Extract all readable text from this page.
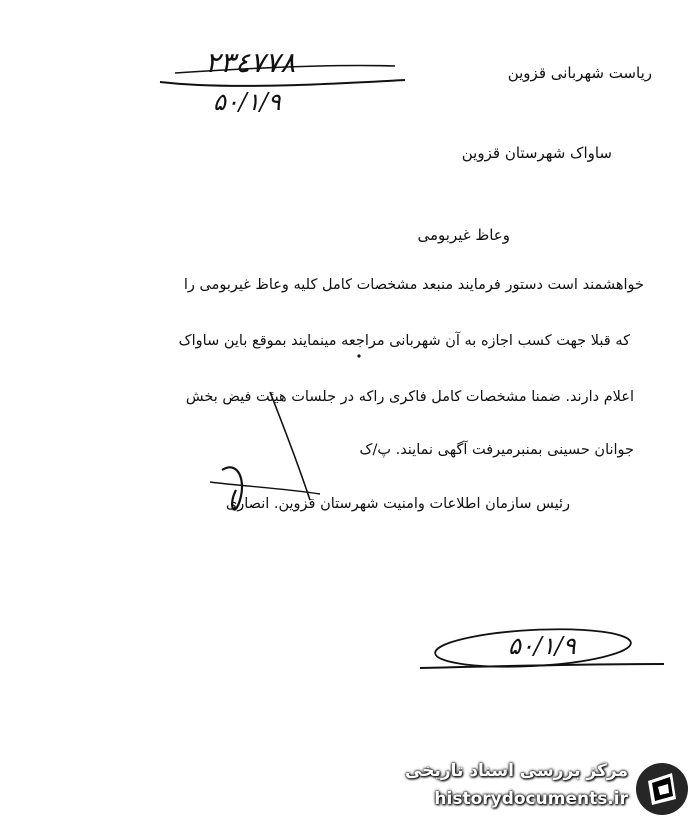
۲۳٤۷۷۸
۵۰/۱/۹
ریاست شهربانی قزوین
ساواک شهرستان قزوین
وعاظ غیربومی
خواهشمند است دستور فرمایند منبعد مشخصات کامل کلیه وعاظ غیربومی را
که قبلا جهت کسب اجازه به آن شهربانی مراجعه مینمایند بموقع باین ساواک
اعلام دارند. ضمنا مشخصات کامل فاکری راکه در جلسات هیئت فیض بخش
جوانان حسینی بمنبرمیرفت آگهی نمایند. پ/ک
رئیس سازمان اطلاعات وامنیت شهرستان قزوین. انصاری
۵۰/۱/۹
مرکز بررسی اسناد تاریخی
historydocuments.ir
